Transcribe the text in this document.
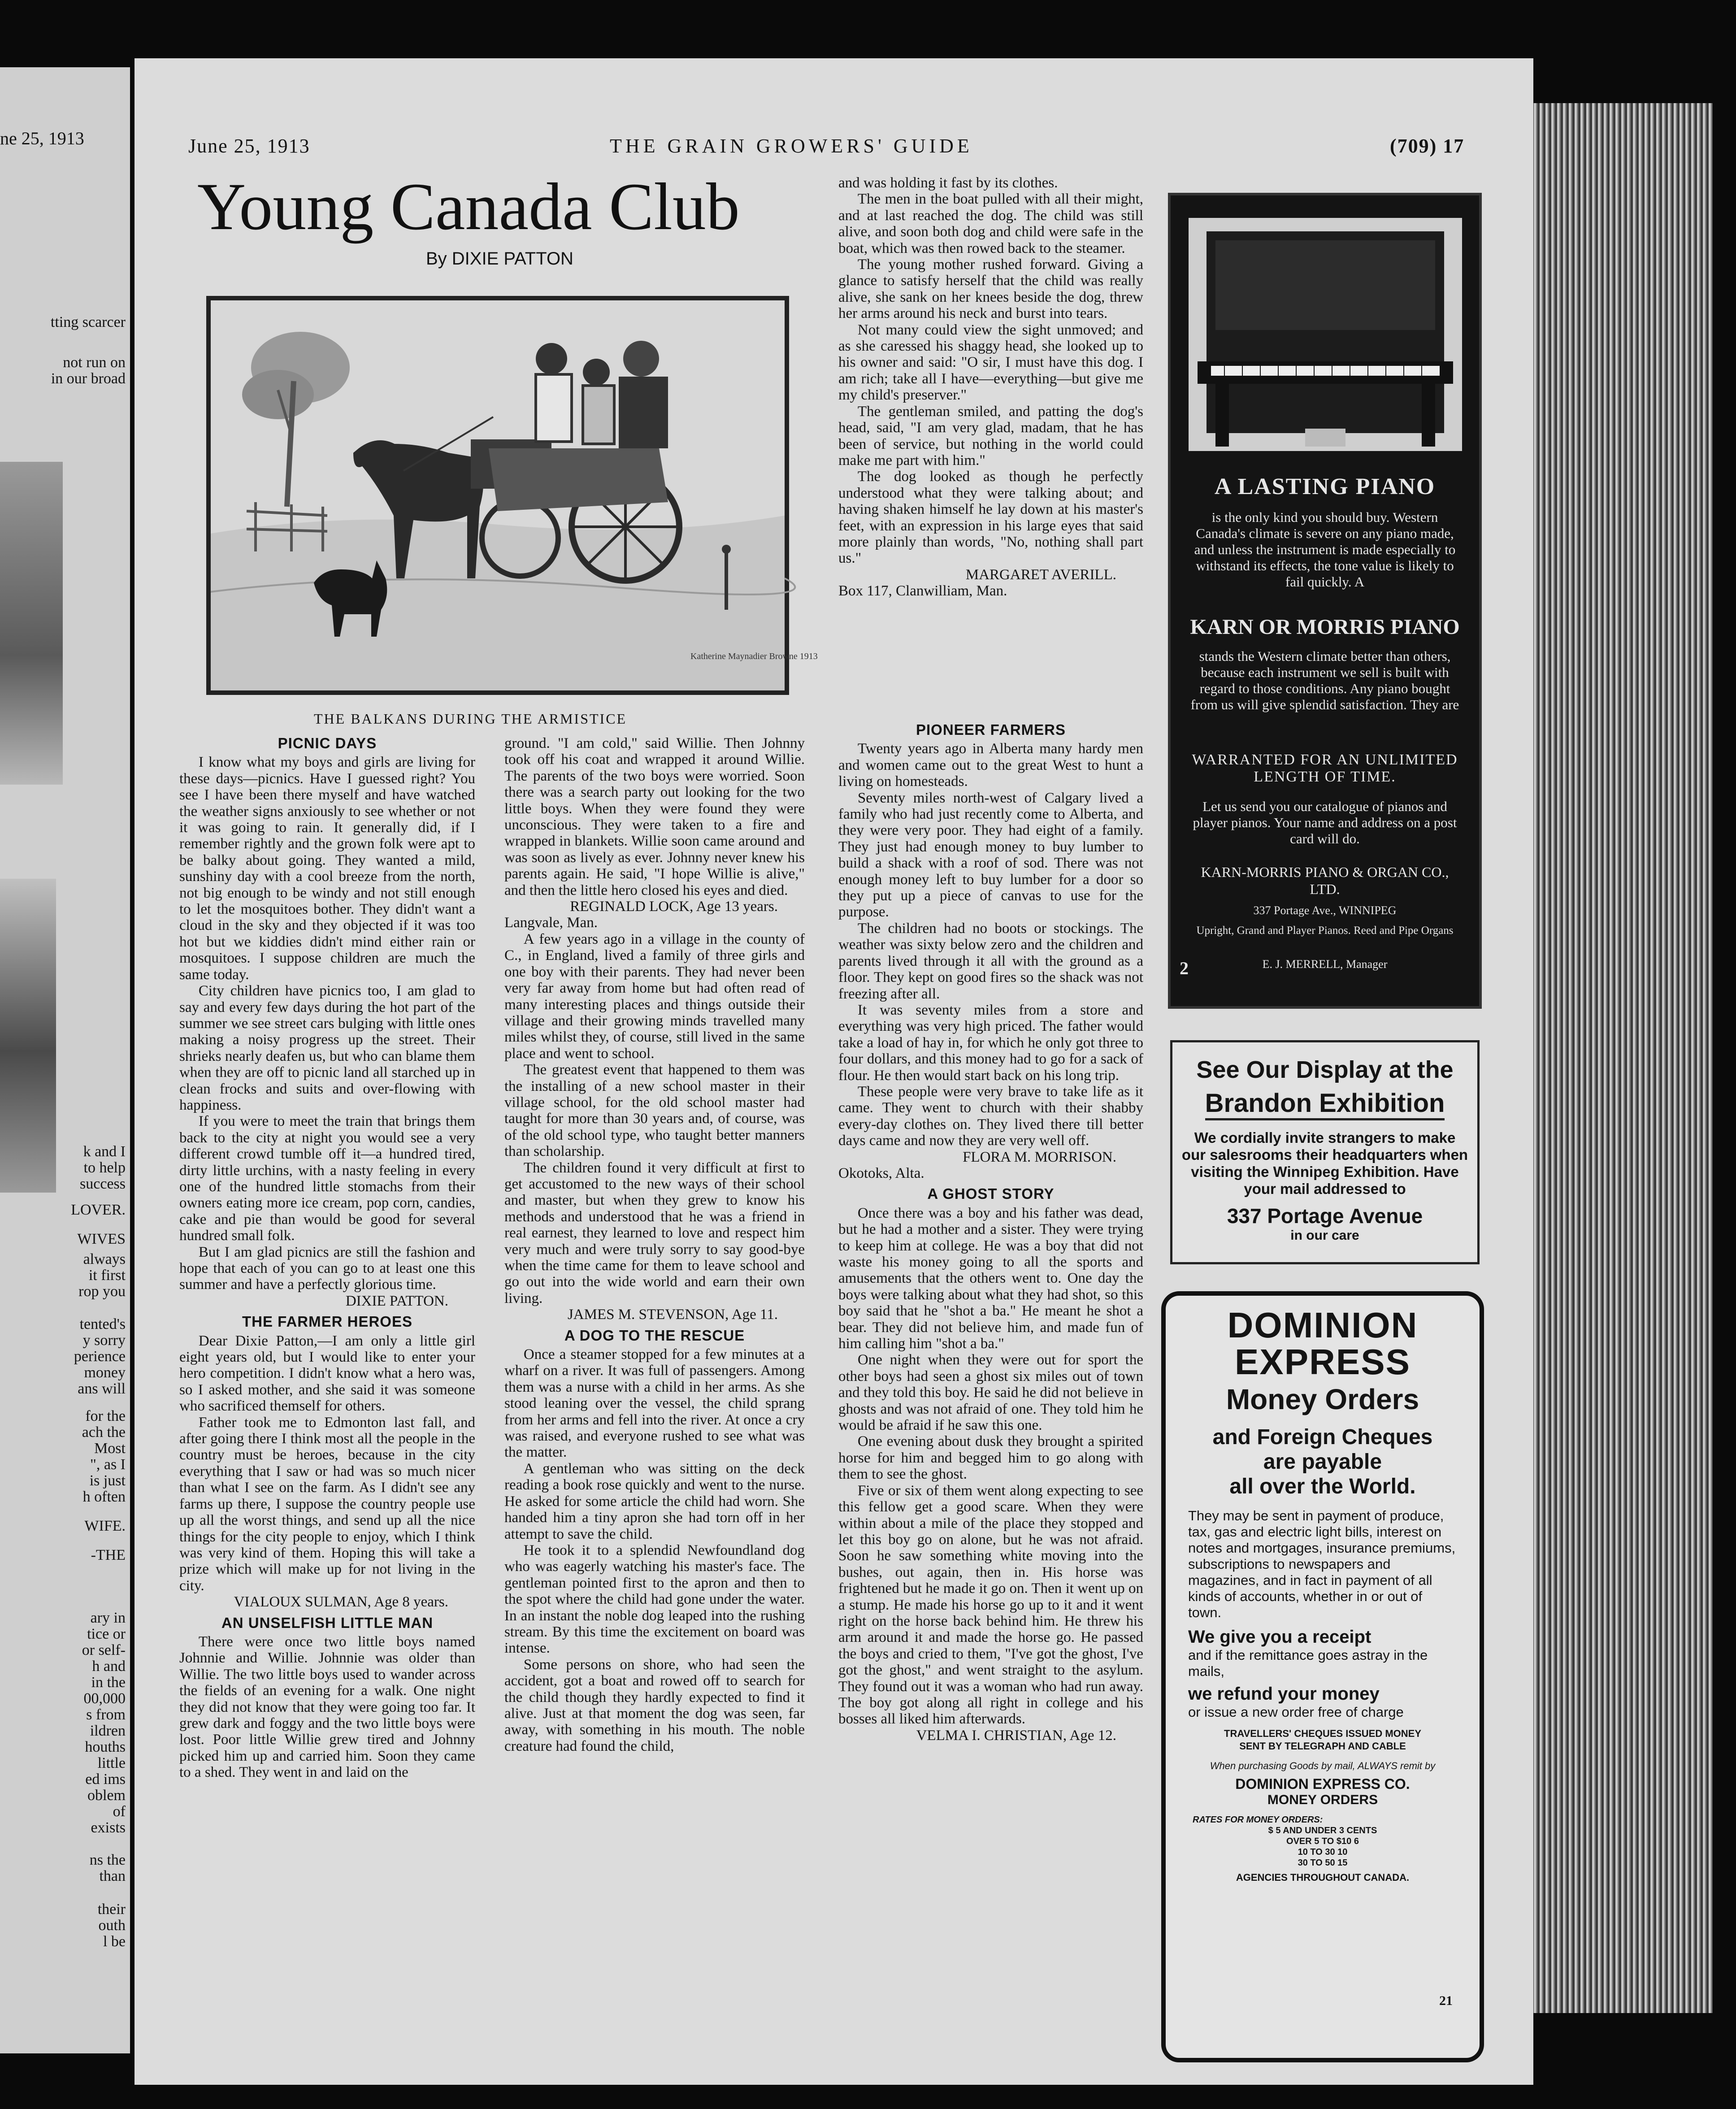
ne 25, 1913
tting scarcer
not run on
in our broad
k and I
to help
success
LOVER.
WIVES
always
it first
rop you
tented's
y sorry
perience
money
ans will
for the
ach the
Most
", as I
is just
h often
WIFE.
-THE
ary in
tice or
or self-
h and
in the
00,000
s from
ildren
houths
little
ed ims
oblem
of
exists
ns the
than
their
outh
l be
June 25, 1913	THE GRAIN GROWERS' GUIDE	(709) 17
Young Canada Club
By DIXIE PATTON
Katherine Maynadier Browne 1913
THE BALKANS DURING THE ARMISTICE
PICNIC DAYS

I know what my boys and girls are living for these days—picnics. Have I guessed right? You see I have been there myself and have watched the weather signs anxiously to see whether or not it was going to rain. It generally did, if I remember rightly and the grown folk were apt to be balky about going. They wanted a mild, sunshiny day with a cool breeze from the north, not big enough to be windy and not still enough to let the mosquitoes bother. They didn't want a cloud in the sky and they objected if it was too hot but we kiddies didn't mind either rain or mosquitoes. I suppose children are much the same today.

City children have picnics too, I am glad to say and every few days during the hot part of the summer we see street cars bulging with little ones making a noisy progress up the street. Their shrieks nearly deafen us, but who can blame them when they are off to picnic land all starched up in clean frocks and suits and over-flowing with happiness.

If you were to meet the train that brings them back to the city at night you would see a very different crowd tumble off it—a hundred tired, dirty little urchins, with a nasty feeling in every one of the hundred little stomachs from their owners eating more ice cream, pop corn, candies, cake and pie than would be good for several hundred small folk.

But I am glad picnics are still the fashion and hope that each of you can go to at least one this summer and have a perfectly glorious time.

DIXIE PATTON.

THE FARMER HEROES

Dear Dixie Patton,—I am only a little girl eight years old, but I would like to enter your hero competition. I didn't know what a hero was, so I asked mother, and she said it was someone who sacrificed themself for others.

Father took me to Edmonton last fall, and after going there I think most all the people in the country must be heroes, because in the city everything that I saw or had was so much nicer than what I see on the farm. As I didn't see any farms up there, I suppose the country people use up all the worst things, and send up all the nice things for the city people to enjoy, which I think was very kind of them. Hoping this will take a prize which will make up for not living in the city.

VIALOUX SULMAN, Age 8 years.

AN UNSELFISH LITTLE MAN

There were once two little boys named Johnnie and Willie. Johnnie was older than Willie. The two little boys used to wander across the fields of an evening for a walk. One night they did not know that they were going too far. It grew dark and foggy and the two little boys were lost. Poor little Willie grew tired and Johnny picked him up and carried him. Soon they came to a shed. They went in and laid on the

ground. "I am cold," said Willie. Then Johnny took off his coat and wrapped it around Willie. The parents of the two boys were worried. Soon there was a search party out looking for the two little boys. When they were found they were unconscious. They were taken to a fire and wrapped in blankets. Willie soon came around and was soon as lively as ever. Johnny never knew his parents again. He said, "I hope Willie is alive," and then the little hero closed his eyes and died.

REGINALD LOCK, Age 13 years.

Langvale, Man.

A few years ago in a village in the county of C., in England, lived a family of three girls and one boy with their parents. They had never been very far away from home but had often read of many interesting places and things outside their village and their growing minds travelled many miles whilst they, of course, still lived in the same place and went to school.

The greatest event that happened to them was the installing of a new school master in their village school, for the old school master had taught for more than 30 years and, of course, was of the old school type, who taught better manners than scholarship.

The children found it very difficult at first to get accustomed to the new ways of their school and master, but when they grew to know his methods and understood that he was a friend in real earnest, they learned to love and respect him very much and were truly sorry to say good-bye when the time came for them to leave school and go out into the wide world and earn their own living.

JAMES M. STEVENSON, Age 11.

A DOG TO THE RESCUE

Once a steamer stopped for a few minutes at a wharf on a river. It was full of passengers. Among them was a nurse with a child in her arms. As she stood leaning over the vessel, the child sprang from her arms and fell into the river. At once a cry was raised, and everyone rushed to see what was the matter.

A gentleman who was sitting on the deck reading a book rose quickly and went to the nurse. He asked for some article the child had worn. She handed him a tiny apron she had torn off in her attempt to save the child.

He took it to a splendid Newfoundland dog who was eagerly watching his master's face. The gentleman pointed first to the apron and then to the spot where the child had gone under the water. In an instant the noble dog leaped into the rushing stream. By this time the excitement on board was intense.

Some persons on shore, who had seen the accident, got a boat and rowed off to search for the child though they hardly expected to find it alive. Just at that moment the dog was seen, far away, with something in his mouth. The noble creature had found the child,

and was holding it fast by its clothes.

The men in the boat pulled with all their might, and at last reached the dog. The child was still alive, and soon both dog and child were safe in the boat, which was then rowed back to the steamer.

The young mother rushed forward. Giving a glance to satisfy herself that the child was really alive, she sank on her knees beside the dog, threw her arms around his neck and burst into tears.

Not many could view the sight unmoved; and as she caressed his shaggy head, she looked up to his owner and said: "O sir, I must have this dog. I am rich; take all I have—everything—but give me my child's preserver."

The gentleman smiled, and patting the dog's head, said, "I am very glad, madam, that he has been of service, but nothing in the world could make me part with him."

The dog looked as though he perfectly understood what they were talking about; and having shaken himself he lay down at his master's feet, with an expression in his large eyes that said more plainly than words, "No, nothing shall part us."

MARGARET AVERILL.

Box 117, Clanwilliam, Man.

PIONEER FARMERS

Twenty years ago in Alberta many hardy men and women came out to the great West to hunt a living on homesteads.

Seventy miles north-west of Calgary lived a family who had just recently come to Alberta, and they were very poor. They had eight of a family. They just had enough money to buy lumber to build a shack with a roof of sod. There was not enough money left to buy lumber for a door so they put up a piece of canvas to use for the purpose.

The children had no boots or stockings. The weather was sixty below zero and the children and parents lived through it all with the ground as a floor. They kept on good fires so the shack was not freezing after all.

It was seventy miles from a store and everything was very high priced. The father would take a load of hay in, for which he only got three to four dollars, and this money had to go for a sack of flour. He then would start back on his long trip.

These people were very brave to take life as it came. They went to church with their shabby every-day clothes on. They lived there till better days came and now they are very well off.

FLORA M. MORRISON.

Okotoks, Alta.

A GHOST STORY

Once there was a boy and his father was dead, but he had a mother and a sister. They were trying to keep him at college. He was a boy that did not waste his money going to all the sports and amusements that the others went to. One day the boys were talking about what they had shot, so this boy said that he "shot a ba." He meant he shot a bear. They did not believe him, and made fun of him calling him "shot a ba."

One night when they were out for sport the other boys had seen a ghost six miles out of town and they told this boy. He said he did not believe in ghosts and was not afraid of one. They told him he would be afraid if he saw this one.

One evening about dusk they brought a spirited horse for him and begged him to go along with them to see the ghost.

Five or six of them went along expecting to see this fellow get a good scare. When they were within about a mile of the place they stopped and let this boy go on alone, but he was not afraid. Soon he saw something white moving into the bushes, out again, then in. His horse was frightened but he made it go on. Then it went up on a stump. He made his horse go up to it and it went right on the horse back behind him. He threw his arm around it and made the horse go. He passed the boys and cried to them, "I've got the ghost, I've got the ghost," and went straight to the asylum. They found out it was a woman who had run away. The boy got along all right in college and his bosses all liked him afterwards.

VELMA I. CHRISTIAN, Age 12.

A LASTING PIANO
is the only kind you should buy. Western Canada's climate is severe on any piano made, and unless the instrument is made especially to withstand its effects, the tone value is likely to fail quickly. A
KARN OR MORRIS PIANO
stands the Western climate better than others, because each instrument we sell is built with regard to those conditions. Any piano bought from us will give splendid satisfaction. They are
WARRANTED FOR AN UNLIMITED LENGTH OF TIME.
Let us send you our catalogue of pianos and player pianos. Your name and address on a post card will do.
KARN-MORRIS PIANO & ORGAN CO., LTD.
337 Portage Ave., WINNIPEG
Upright, Grand and Player Pianos. Reed and Pipe Organs
E. J. MERRELL, Manager
2
See Our Display at the
Brandon Exhibition
We cordially invite strangers to make our salesrooms their headquarters when visiting the Winnipeg Exhibition. Have your mail addressed to
337 Portage Avenue
in our care
DOMINION
EXPRESS
Money Orders
and Foreign Cheques
are payable
all over the World.
They may be sent in payment of produce, tax, gas and electric light bills, interest on notes and mortgages, insurance premiums, subscriptions to newspapers and magazines, and in fact in payment of all kinds of accounts, whether in or out of town.
We give you a receipt
and if the remittance goes astray in the mails,
we refund your money
or issue a new order free of charge
TRAVELLERS' CHEQUES ISSUED MONEY SENT BY TELEGRAPH AND CABLE
When purchasing Goods by mail, ALWAYS remit by
DOMINION EXPRESS CO.
MONEY ORDERS
RATES FOR MONEY ORDERS:
$ 5 AND UNDER 3 CENTS
OVER 5 TO $10 6
10 TO 30 10
30 TO 50 15
AGENCIES THROUGHOUT CANADA.
21
